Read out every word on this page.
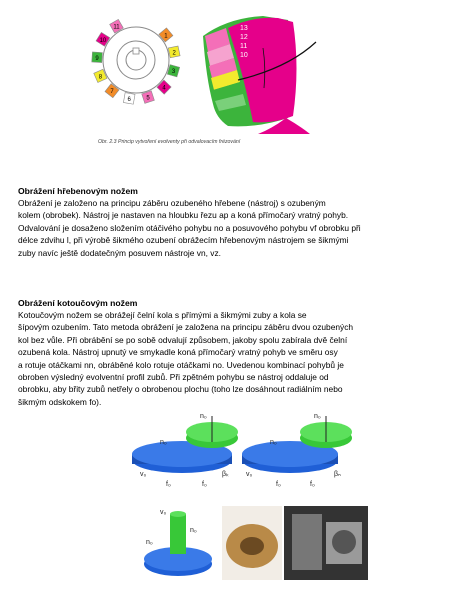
1
2
3
4
5
6
7
8
9
10
11	13
12
11
10
Obr. 2.3 Princip vytvoření evolventy při odvalovacím frézování
Obrážení hřebenovým nožem

Obrážení je založeno na principu záběru ozubeného hřebene (nástroj) s ozubeným
kolem (obrobek). Nástroj je nastaven na hloubku řezu ap a koná přímočarý vratný pohyb.
Odvalování je dosaženo složením otáčivého pohybu no a posuvového pohybu vf obrobku při
délce zdvihu l, při výrobě šikmého ozubení obrážecím hřebenovým nástrojem se šikmými
zuby navíc ještě dodatečným posuvem nástroje vn, vz.

Obrážení kotoučovým nožem

Kotoučovým nožem se obrážejí čelní kola s přímými a šikmými zuby a kola se
šípovým ozubením. Tato metoda obrážení je založena na principu záběru dvou ozubených
kol bez vůle. Při obrábění se po sobě odvalují způsobem, jakoby spolu zabírala dvě čelní
ozubená kola. Nástroj upnutý ve smykadle koná přímočarý vratný pohyb ve směru osy
a rotuje otáčkami nn, obráběné kolo rotuje otáčkami no. Uvedenou kombinací pohybů je
obroben výsledný evolventní profil zubů. Při zpětném pohybu se nástroj oddaluje od
obrobku, aby břity zubů netřely o obrobenou plochu (toho lze dosáhnout radiálním nebo
šikmým odskokem fo).

n₀
n₀
v₀
f₀	f₀
βₖ
n₀
n₀
v₀
f₀	f₀
βₙ
v₀
n₀
n₀
